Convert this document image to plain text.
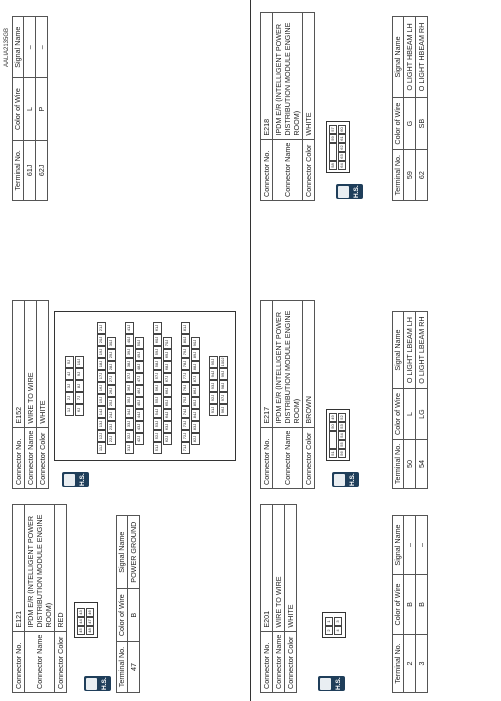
AALIA2135GB
Connector No.	E121
Connector Name	IPDM E/R (INTELLIGENT POWER DISTRIBUTION MODULE ENGINE ROOM)
Connector Color	RED
H.S.
45
44
43
48
47
46
Terminal No.	Color of Wire	Signal Name
47	B	POWER GROUND
Connector No.	E152
Connector Name	WIRE TO WIRE
Connector Color	WHITE
H.S.
1J
2J
3J
4J
5J
6J
7J
8J
9J
10J
11J
12J
13J
14J
15J
16J
17J
18J
19J
20J
21J
22J
23J
24J
25J
26J
27J
28J
29J
30J
31J
32J
33J
34J
35J
36J
37J
38J
39J
40J
41J
42J
43J
44J
45J
46J
47J
48J
49J
50J
51J
52J
53J
54J
55J
56J
57J
58J
59J
60J
61J
62J
63J
64J
65J
66J
67J
68J
69J
70J
71J
72J
73J
74J
75J
76J
77J
78J
79J
80J
81J
82J
83J
84J
85J
86J
87J
88J
89J
90J
91J
92J
93J
94J
95J
96J
97J
98J
99J
100J
Terminal No.	Color of Wire	Signal Name
61J	L	–
62J	P	–
Connector No.	E201
Connector Name	WIRE TO WIRE
Connector Color	WHITE
H.S.
2
1
4
3
Terminal No.	Color of Wire	Signal Name
2	B	–
3	B	–
Connector No.	E217
Connector Name	IPDM E/R (INTELLIGENT POWER DISTRIBUTION MODULE ENGINE ROOM)
Connector Color	BROWN
H.S.
51
50
49
56
55
54
53
52
Terminal No.	Color of Wire	Signal Name
50	L	O LIGHT LBEAM LH
54	LG	O LIGHT LBEAM RH
Connector No.	E218
Connector Name	IPDM E/R (INTELLIGENT POWER DISTRIBUTION MODULE ENGINE ROOM)
Connector Color	WHITE
H.S.
58
59
57
64
63
62
61
60
Terminal No.	Color of Wire	Signal Name
59	G	O LIGHT HBEAM LH
62	SB	O LIGHT HBEAM RH
